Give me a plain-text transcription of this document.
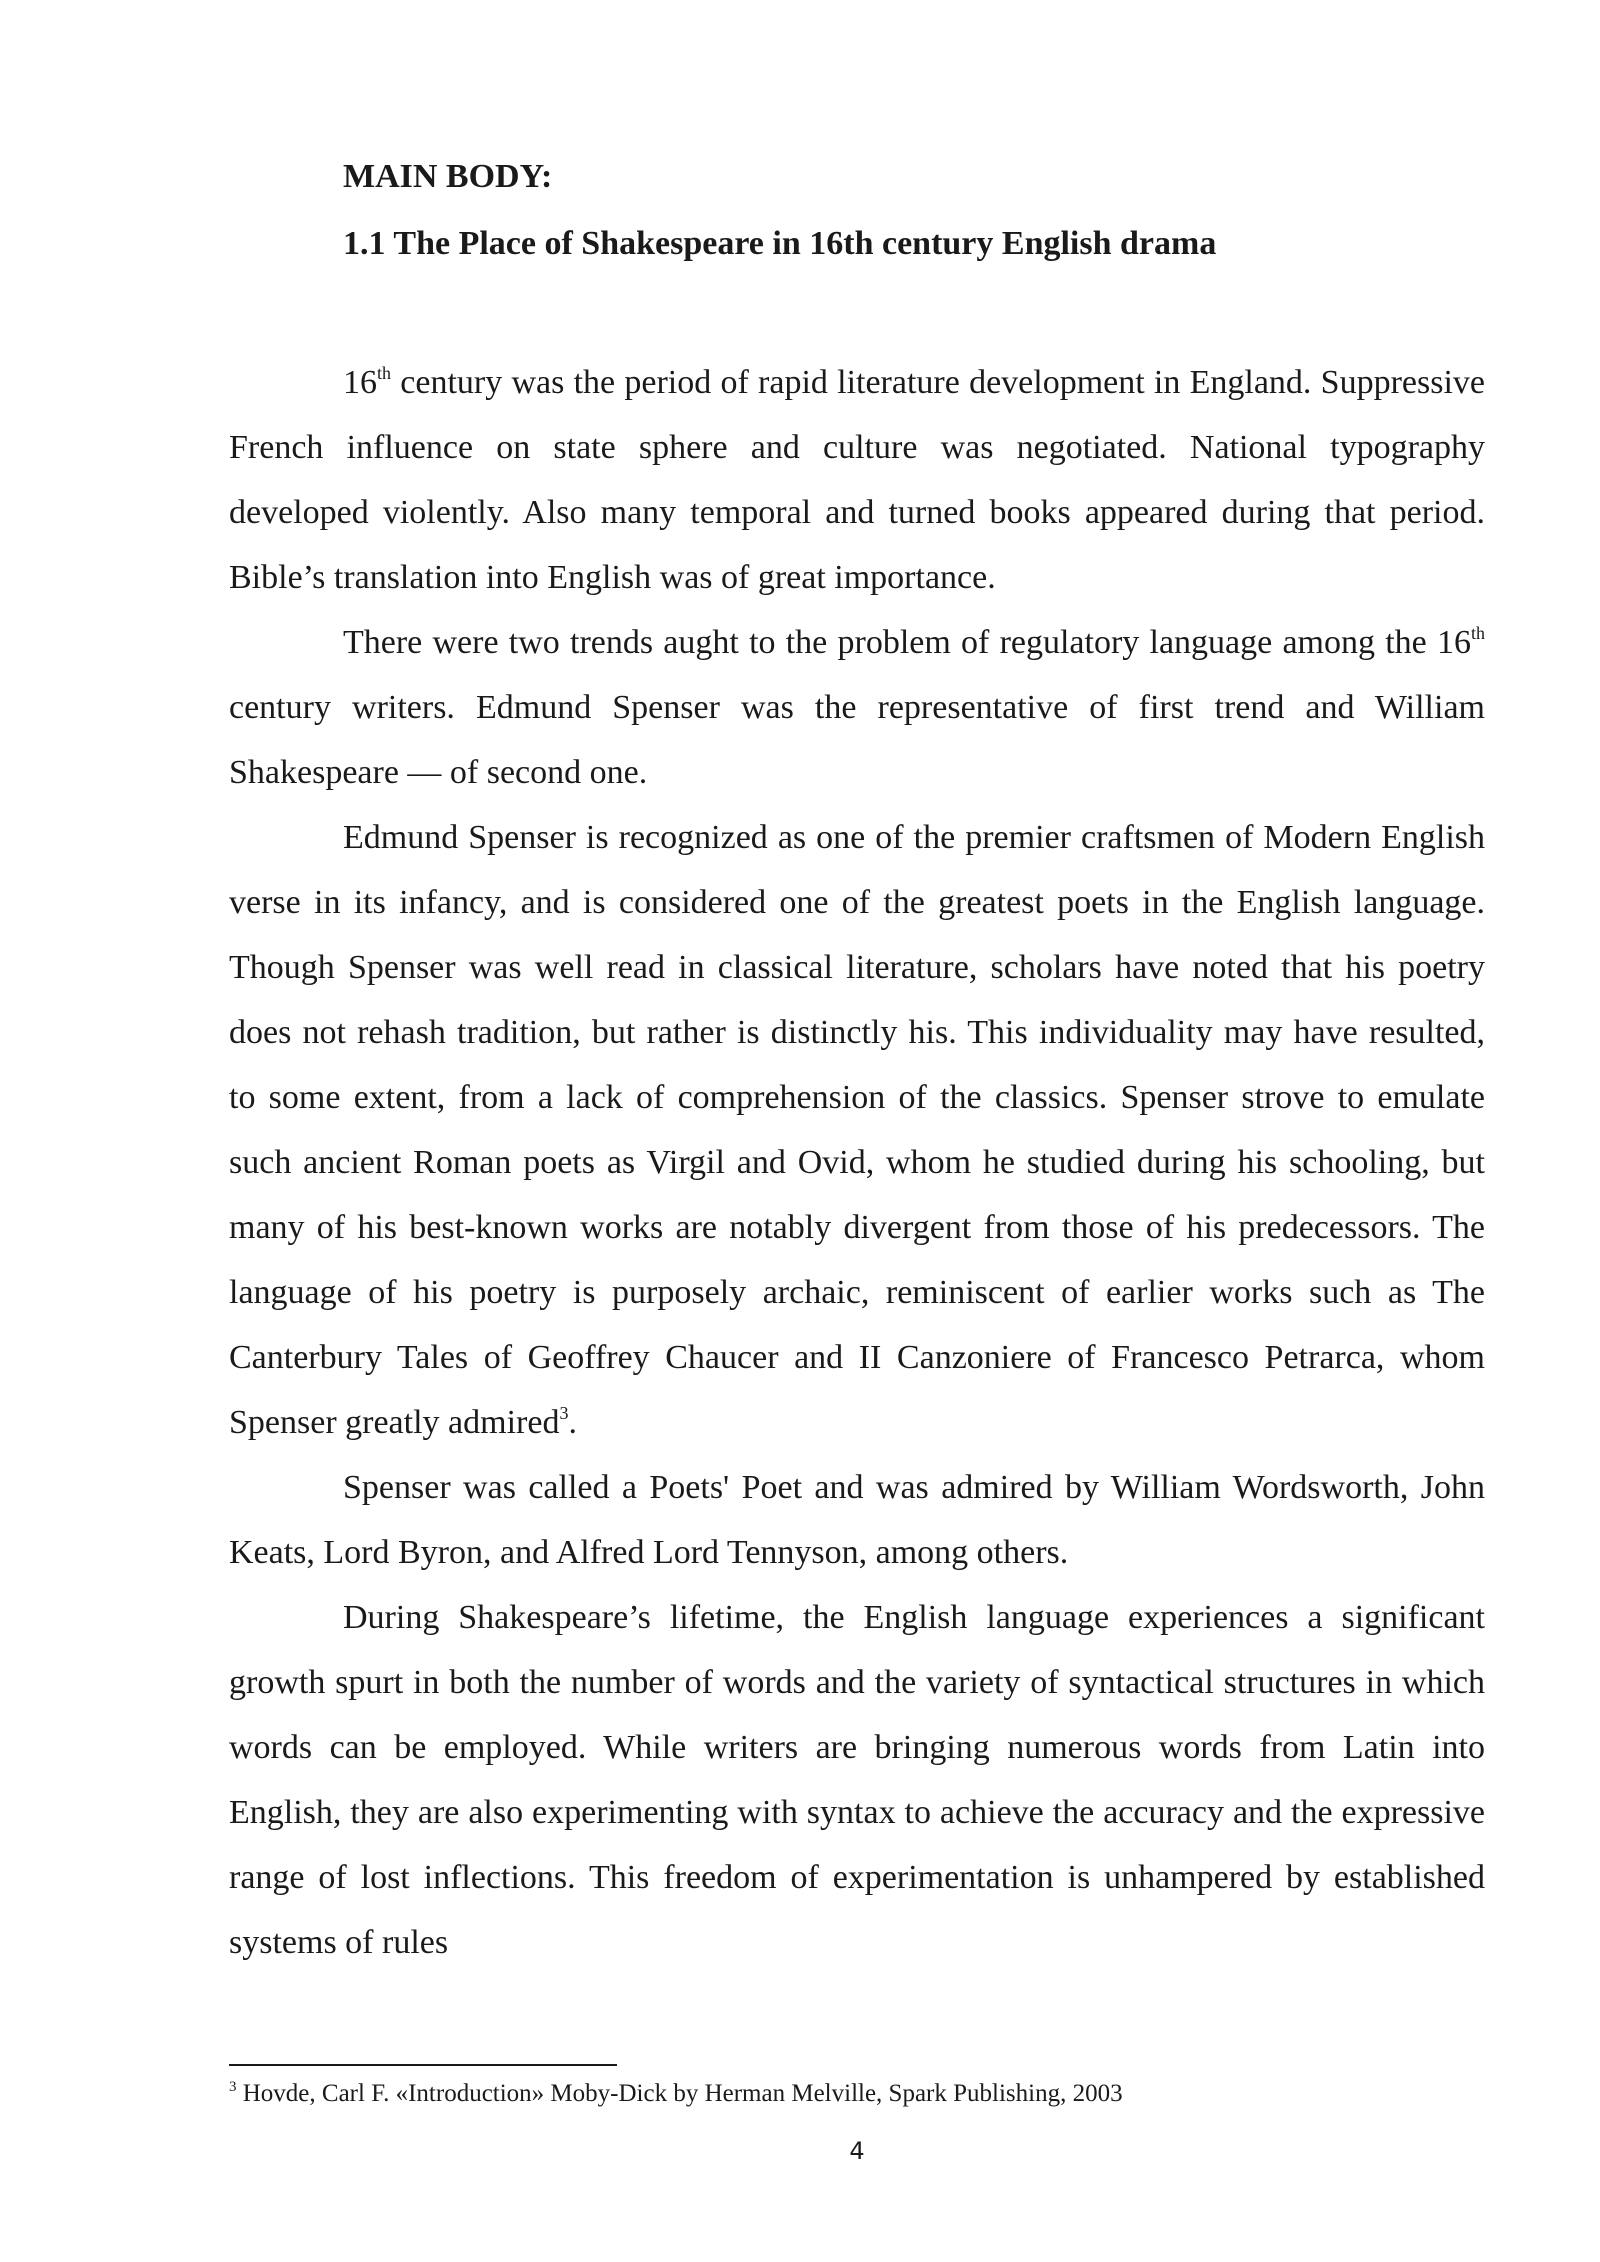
MAIN BODY:
1.1 The Place of Shakespeare in 16th century English drama

16th century was the period of rapid literature development in England. Suppressive French influence on state sphere and culture was negotiated. National typography developed violently. Also many temporal and turned books appeared during that period. Bible’s translation into English was of great importance.

There were two trends aught to the problem of regulatory language among the 16th century writers. Edmund Spenser was the representative of first trend and William Shakespeare — of second one.

Edmund Spenser is recognized as one of the premier craftsmen of Modern English verse in its infancy, and is considered one of the greatest poets in the English language. Though Spenser was well read in classical literature, scholars have noted that his poetry does not rehash tradition, but rather is distinctly his. This individuality may have resulted, to some extent, from a lack of comprehension of the classics. Spenser strove to emulate such ancient Roman poets as Virgil and Ovid, whom he studied during his schooling, but many of his best-known works are notably divergent from those of his predecessors. The language of his poetry is purposely archaic, reminiscent of earlier works such as The Canterbury Tales of Geoffrey Chaucer and II Canzoniere of Francesco Petrarca, whom Spenser greatly admired$^3$.

Spenser was called a Poets' Poet and was admired by William Wordsworth, John Keats, Lord Byron, and Alfred Lord Tennyson, among others.

During Shakespeare’s lifetime, the English language experiences a significant growth spurt in both the number of words and the variety of syntactical structures in which words can be employed. While writers are bringing numerous words from Latin into English, they are also experimenting with syntax to achieve the accuracy and the expressive range of lost inflections. This freedom of experimentation is unhampered by established systems of rules

$^3$ Hovde, Carl F. «Introduction» Moby-Dick by Herman Melville, Spark Publishing, 2003
4
